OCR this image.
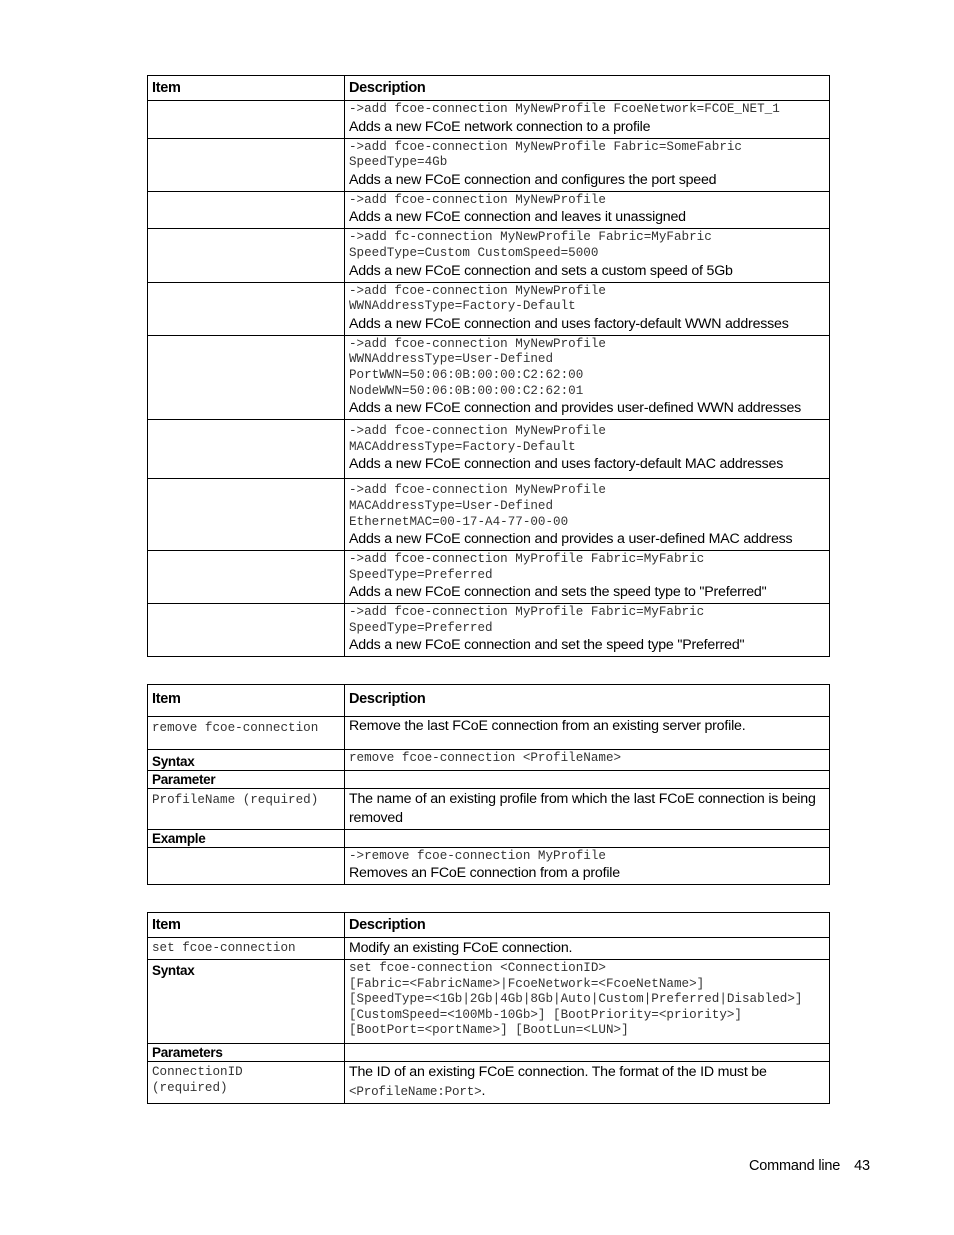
Item	Description

	->add fcoe-connection MyNewProfile FcoeNetwork=FCOE_NET_1
Adds a new FCoE network connection to a profile

	->add fcoe-connection MyNewProfile Fabric=SomeFabric
SpeedType=4Gb
Adds a new FCoE connection and configures the port speed

	->add fcoe-connection MyNewProfile
Adds a new FCoE connection and leaves it unassigned

	->add fc-connection MyNewProfile Fabric=MyFabric
SpeedType=Custom CustomSpeed=5000
Adds a new FCoE connection and sets a custom speed of 5Gb

	->add fcoe-connection MyNewProfile
WWNAddressType=Factory-Default
Adds a new FCoE connection and uses factory-default WWN addresses

	->add fcoe-connection MyNewProfile
WWNAddressType=User-Defined
PortWWN=50:06:0B:00:00:C2:62:00
NodeWWN=50:06:0B:00:00:C2:62:01
Adds a new FCoE connection and provides user-defined WWN addresses

	->add fcoe-connection MyNewProfile
MACAddressType=Factory-Default
Adds a new FCoE connection and uses factory-default MAC addresses

	->add fcoe-connection MyNewProfile
MACAddressType=User-Defined
EthernetMAC=00-17-A4-77-00-00
Adds a new FCoE connection and provides a user-defined MAC address

	->add fcoe-connection MyProfile Fabric=MyFabric
SpeedType=Preferred
Adds a new FCoE connection and sets the speed type to "Preferred"

	->add fcoe-connection MyProfile Fabric=MyFabric
SpeedType=Preferred
Adds a new FCoE connection and set the speed type "Preferred"
Item	Description

remove fcoe-connection	Remove the last FCoE connection from an existing server profile.

Syntax	remove fcoe-connection <ProfileName>

Parameter	

ProfileName (required)	The name of an existing profile from which the last FCoE connection is being removed

Example	

	->remove fcoe-connection MyProfile
Removes an FCoE connection from a profile
Item	Description

set fcoe-connection	Modify an existing FCoE connection.

Syntax	set fcoe-connection <ConnectionID>
[Fabric=<FabricName>|FcoeNetwork=<FcoeNetName>]
[SpeedType=<1Gb|2Gb|4Gb|8Gb|Auto|Custom|Preferred|Disabled>] [CustomSpeed=<100Mb-10Gb>] [BootPriority=<priority>]
[BootPort=<portName>] [BootLun=<LUN>]

Parameters	

ConnectionID
(required)	The ID of an existing FCoE connection. The format of the ID must be
<ProfileName:Port>.
Command line 43
